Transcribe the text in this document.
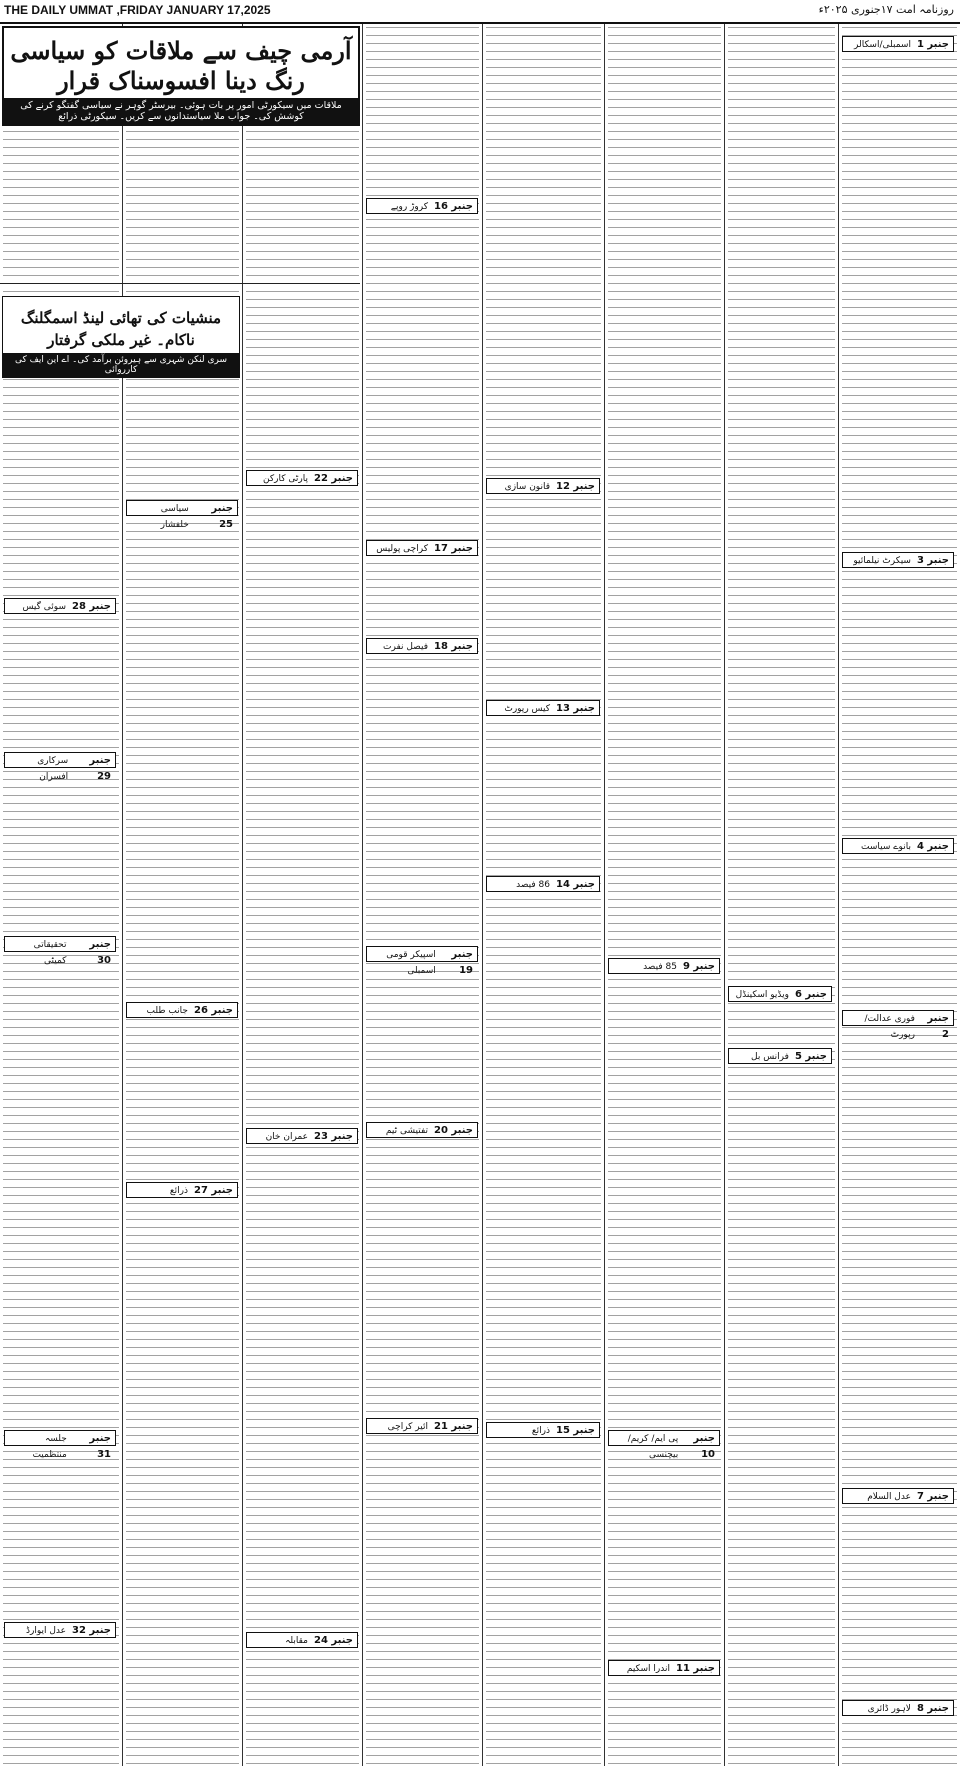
THE DAILY UMMAT ,FRIDAY JANUARY 17,2025	روزنامہ امت ۱۷جنوری ۲۰۲۵ء
آرمی چیف سے ملاقات کو سیاسی رنگ دینا افسوسناک قرار
ملاقات میں سیکورٹی امور پر بات ہوئی۔ بیرسٹر گوہر نے سیاسی گفتگو کرنے کی کوشش کی۔ جواب ملا سیاستدانوں سے کریں۔ سیکورٹی ذرائع
منشیات کی تھائی لینڈ اسمگلنگ ناکام۔ غیر ملکی گرفتار
سری لنکن شہری سے ہیروئن برآمد کی۔ اے این ایف کی کارروائی
جنبر 1
اسمبلی/اسکالر
جنبر 2
فوری عدالت/ رپورٹ
جنبر 3
سیکرٹ نیلمائیو
جنبر 4
بانوے سیاست
جنبر 5
فرانس بل
جنبر 6
ویڈیو اسکینڈل
جنبر 7
عدل السلام
جنبر 8
لاہور ڈائری
جنبر 9
85 فیصد
جنبر 10
پی ایم/ کریم/ بیچنسی
جنبر 11
اندرا اسکیم
جنبر 12
قانون سازی
جنبر 13
کیس رپورٹ
جنبر 14
86 فیصد
جنبر 15
ذرائع
جنبر 16
کروڑ روپے
جنبر 17
کراچی پولیس
جنبر 18
فیصل نفرت
جنبر 19
اسپیکر قومی اسمبلی
جنبر 20
تفتیشی ٹیم
جنبر 21
ائیر کراچی
جنبر 22
پارٹی کارکن
جنبر 23
عمران خان
جنبر 24
مقابلہ
جنبر 25
سیاسی خلفشار
جنبر 26
جانب طلب
جنبر 27
ذرائع
جنبر 28
سوئی گیس
جنبر 29
سرکاری افسران
جنبر 30
تحقیقاتی کمیٹی
جنبر 31
جلسہ منتظمیت
جنبر 32
عدل ایوارڈ
